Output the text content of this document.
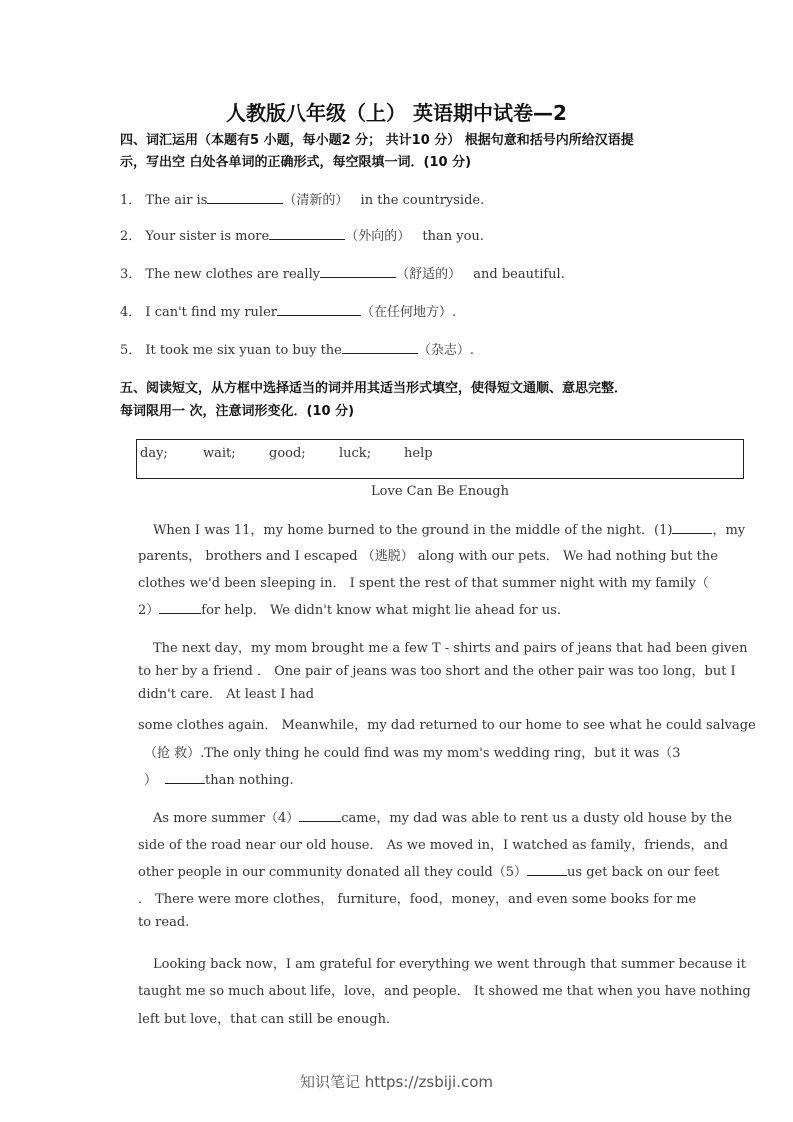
人教版八年级（上） 英语期中试卷—2
四、词汇运用（本题有5 小题，每小题2 分； 共计10 分） 根据句意和括号内所给汉语提
示，写出空 白处各单词的正确形式，每空限填一词．(10 分)
1． The air is	（清新的） in the countryside.
2． Your sister is more	（外向的） than you.
3． The new clothes are really	（舒适的） and beautiful.
4． I can't find my ruler	（在任何地方）.
5． It took me six yuan to buy the	（杂志）.
五、阅读短文，从方框中选择适当的词并用其适当形式填空，使得短文通顺、意思完整．
每词限用一 次，注意词形变化．(10 分)
day;	wait;	good;	luck;	help
Love Can Be Enough
When I was 11，my home burned to the ground in the middle of the night．(1)	，my
parents， brothers and I escaped （逃脱） along with our pets． We had nothing but the
clothes we'd been sleeping in． I spent the rest of that summer night with my family（
2）	for help． We didn't know what might lie ahead for us.
The next day，my mom brought me a few T - shirts and pairs of jeans that had been given
to her by a friend ． One pair of jeans was too short and the other pair was too long，but I
didn't care． At least I had
some clothes again． Meanwhile，my dad returned to our home to see what he could salvage
（抢 救）.The only thing he could find was my mom's wedding ring，but it was（3
）	than nothing.
As more summer（4）	came，my dad was able to rent us a dusty old house by the
side of the road near our old house． As we moved in，I watched as family，friends，and
other people in our community donated all they could（5）	us get back on our feet
． There were more clothes， furniture，food，money，and even some books for me
to read.
Looking back now，I am grateful for everything we went through that summer because it
taught me so much about life，love，and people． It showed me that when you have nothing
left but love，that can still be enough.
知识笔记 https://zsbiji.com
